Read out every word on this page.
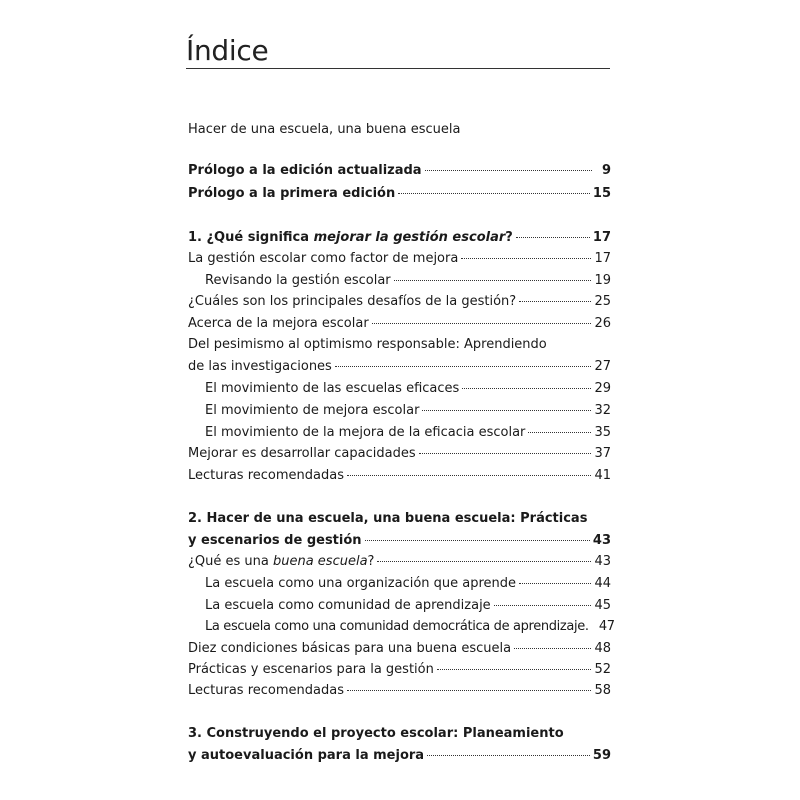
Índice
Hacer de una escuela, una buena escuela
Prólogo a la edición actualizada	9
Prólogo a la primera edición	15
1. ¿Qué significa mejorar la gestión escolar?	17
La gestión escolar como factor de mejora	17
Revisando la gestión escolar	19
¿Cuáles son los principales desafíos de la gestión?	25
Acerca de la mejora escolar	26
Del pesimismo al optimismo responsable: Aprendiendo
de las investigaciones	27
El movimiento de las escuelas eficaces	29
El movimiento de mejora escolar	32
El movimiento de la mejora de la eficacia escolar	35
Mejorar es desarrollar capacidades	37
Lecturas recomendadas	41
2. Hacer de una escuela, una buena escuela: Prácticas
y escenarios de gestión	43
¿Qué es una buena escuela?	43
La escuela como una organización que aprende	44
La escuela como comunidad de aprendizaje	45
La escuela como una comunidad democrática de aprendizaje. 47
Diez condiciones básicas para una buena escuela	48
Prácticas y escenarios para la gestión	52
Lecturas recomendadas	58
3. Construyendo el proyecto escolar: Planeamiento
y autoevaluación para la mejora	59
